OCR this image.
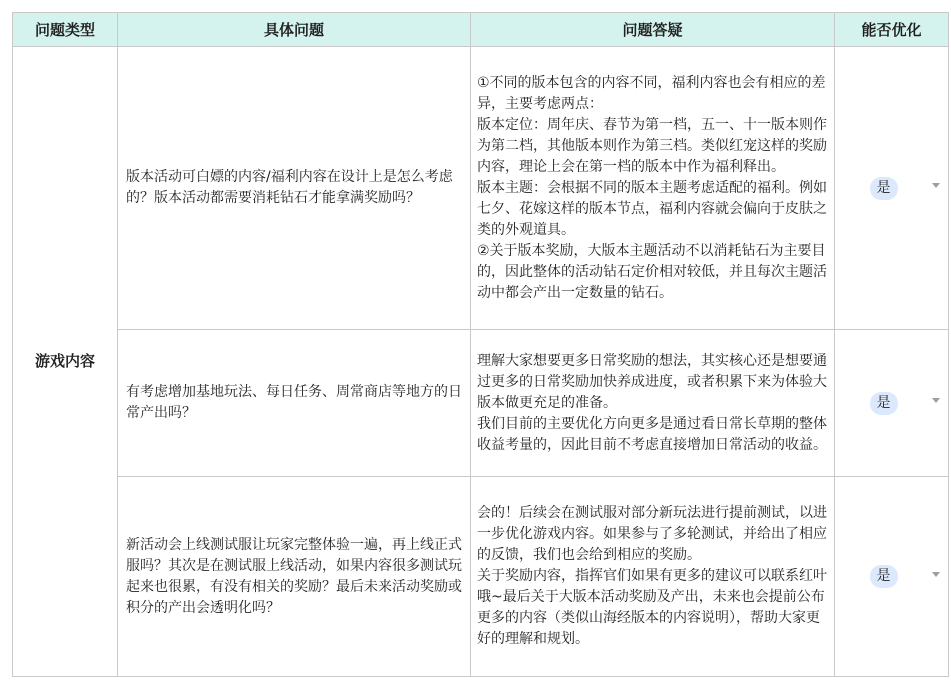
问题类型	具体问题	问题答疑	能否优化
游戏内容	版本活动可白嫖的内容/福利内容在设计上是怎么考虑的？版本活动都需要消耗钻石才能拿满奖励吗？	①不同的版本包含的内容不同，福利内容也会有相应的差异，主要考虑两点：

版本定位：周年庆、春节为第一档，五一、十一版本则作为第二档，其他版本则作为第三档。类似红宠这样的奖励内容，理论上会在第一档的版本中作为福利释出。

版本主题：会根据不同的版本主题考虑适配的福利。例如七夕、花嫁这样的版本节点，福利内容就会偏向于皮肤之类的外观道具。

②关于版本奖励，大版本主题活动不以消耗钻石为主要目的，因此整体的活动钻石定价相对较低，并且每次主题活动中都会产出一定数量的钻石。	是

	有考虑增加基地玩法、每日任务、周常商店等地方的日常产出吗？	理解大家想要更多日常奖励的想法，其实核心还是想要通过更多的日常奖励加快养成进度，或者积累下来为体验大版本做更充足的准备。

我们目前的主要优化方向更多是通过看日常长草期的整体收益考量的，因此目前不考虑直接增加日常活动的收益。	是

	新活动会上线测试服让玩家完整体验一遍，再上线正式服吗？其次是在测试服上线活动，如果内容很多测试玩起来也很累，有没有相关的奖励？最后未来活动奖励或积分的产出会透明化吗？	会的！后续会在测试服对部分新玩法进行提前测试，以进一步优化游戏内容。如果参与了多轮测试，并给出了相应的反馈，我们也会给到相应的奖励。

关于奖励内容，指挥官们如果有更多的建议可以联系红叶哦~最后关于大版本活动奖励及产出，未来也会提前公布更多的内容（类似山海经版本的内容说明），帮助大家更好的理解和规划。	是
